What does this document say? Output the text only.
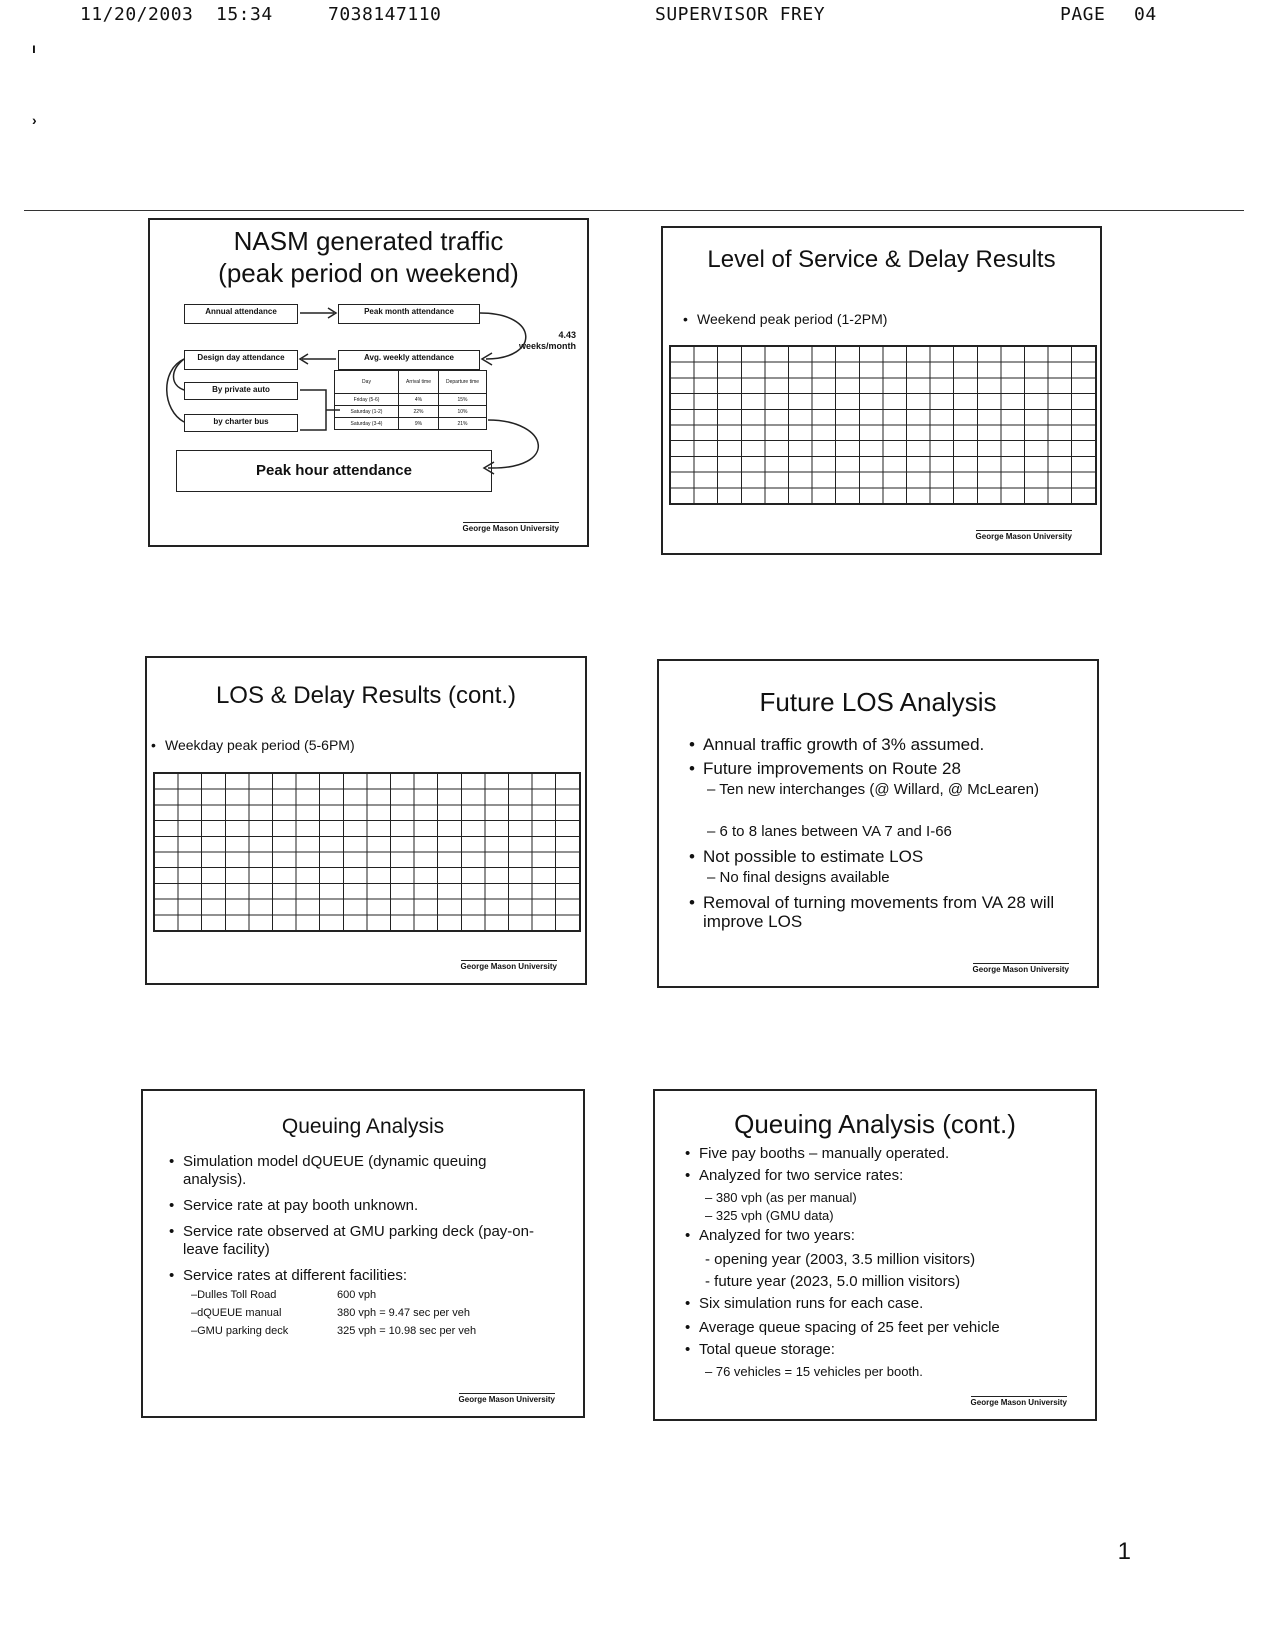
11/20/2003 15:34	7038147110	SUPERVISOR FREY	PAGE 04
ı
›
NASM generated traffic
(peak period on weekend)
Annual attendance	Peak month attendance
Design day attendance	Avg. weekly attendance
By private auto
by charter bus
4.43 weeks/month
Day	Arrival time	Departure time
Friday (5-6)	4%	15%
Saturday (1-2)	22%	10%
Saturday (3-4)	9%	21%
Peak hour attendance
George Mason University
Level of Service & Delay Results
• Weekend peak period (1-2PM)
George Mason University
LOS & Delay Results (cont.)
• Weekday peak period (5-6PM)
George Mason University
Future LOS Analysis
• Annual traffic growth of 3% assumed.
• Future improvements on Route 28
– Ten new interchanges (@ Willard, @ McLearen)
– 6 to 8 lanes between VA 7 and I-66
• Not possible to estimate LOS
– No final designs available
• Removal of turning movements from VA 28 will improve LOS
George Mason University
Queuing Analysis
• Simulation model dQUEUE (dynamic queuing analysis).
• Service rate at pay booth unknown.
• Service rate observed at GMU parking deck (pay-on-leave facility)
• Service rates at different facilities:
–Dulles Toll Road	600 vph
–dQUEUE manual	380 vph = 9.47 sec per veh
–GMU parking deck	325 vph = 10.98 sec per veh
George Mason University
Queuing Analysis (cont.)
• Five pay booths – manually operated.
• Analyzed for two service rates:
– 380 vph (as per manual)
– 325 vph (GMU data)
• Analyzed for two years:
- opening year (2003, 3.5 million visitors)
- future year (2023, 5.0 million visitors)
• Six simulation runs for each case.
• Average queue spacing of 25 feet per vehicle
• Total queue storage:
– 76 vehicles = 15 vehicles per booth.
George Mason University
1
